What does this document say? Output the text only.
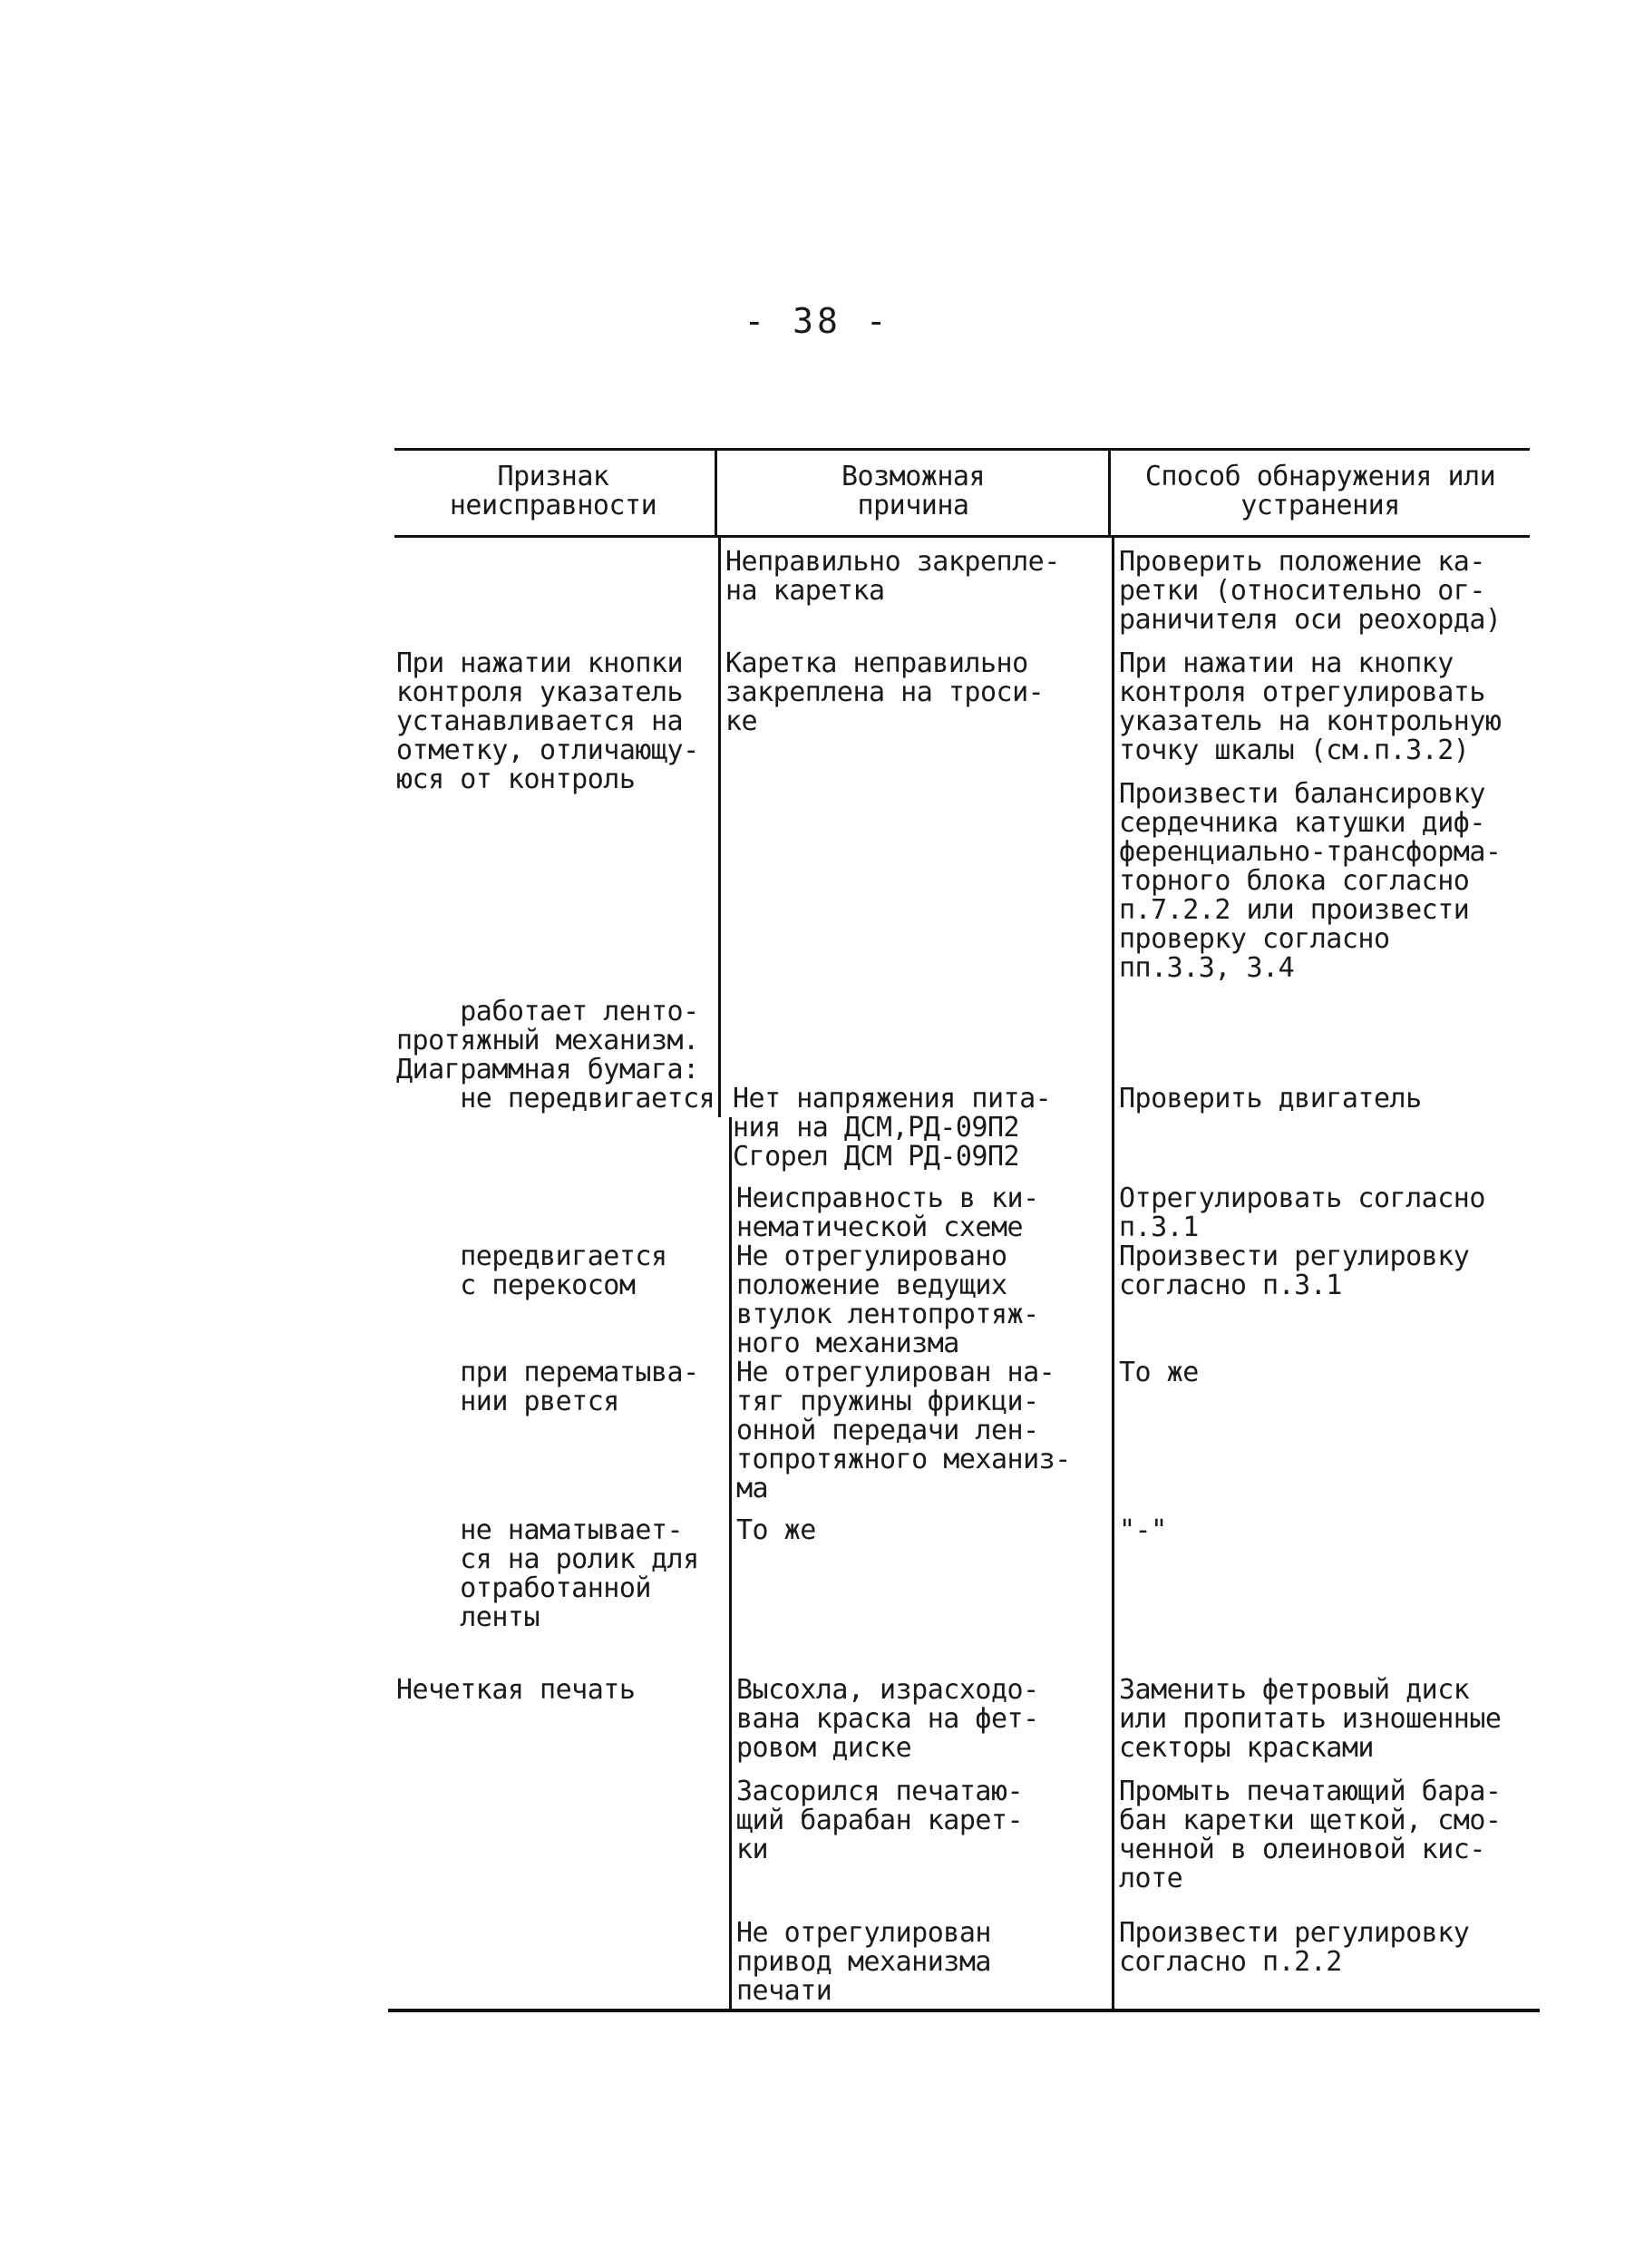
- 38 -
Признак
неисправности
Возможная
причина
Способ обнаружения или
устранения
Неправильно закрепле-
на каретка
Проверить положение ка-
ретки (относительно ог-
раничителя оси реохорда)
При нажатии кнопки
контроля указатель
устанавливается на
отметку, отличающу-
юся от контроль
Каретка неправильно
закреплена на троси-
ке
При нажатии на кнопку
контроля отрегулировать
указатель на контрольную
точку шкалы (см.п.3.2)
Произвести балансировку
сердечника катушки диф-
ференциально-трансформа-
торного блока согласно
п.7.2.2 или произвести
проверку согласно
пп.3.3, 3.4
работает ленто-
протяжный механизм.
Диаграммная бумага:
не передвигается

Нет напряжения пита-
ния на ДСМ,РД-09П2
Сгорел ДСМ РД-09П2

Проверить двигатель
Неисправность в ки-
нематической схеме
Отрегулировать согласно
п.3.1
передвигается
с перекосом
Не отрегулировано
положение ведущих
втулок лентопротяж-
ного механизма
Произвести регулировку
согласно п.3.1
при перематыва-
нии рвется
Не отрегулирован на-
тяг пружины фрикци-
онной передачи лен-
топротяжного механиз-
ма
То же
не наматывает-
ся на ролик для
отработанной
ленты
То же	"-"
Нечеткая печать	Высохла, израсходо-
вана краска на фет-
ровом диске
Заменить фетровый диск
или пропитать изношенные
секторы красками
Засорился печатаю-
щий барабан карет-
ки
Промыть печатающий бара-
бан каретки щеткой, смо-
ченной в олеиновой кис-
лоте
Не отрегулирован
привод механизма
печати
Произвести регулировку
согласно п.2.2
